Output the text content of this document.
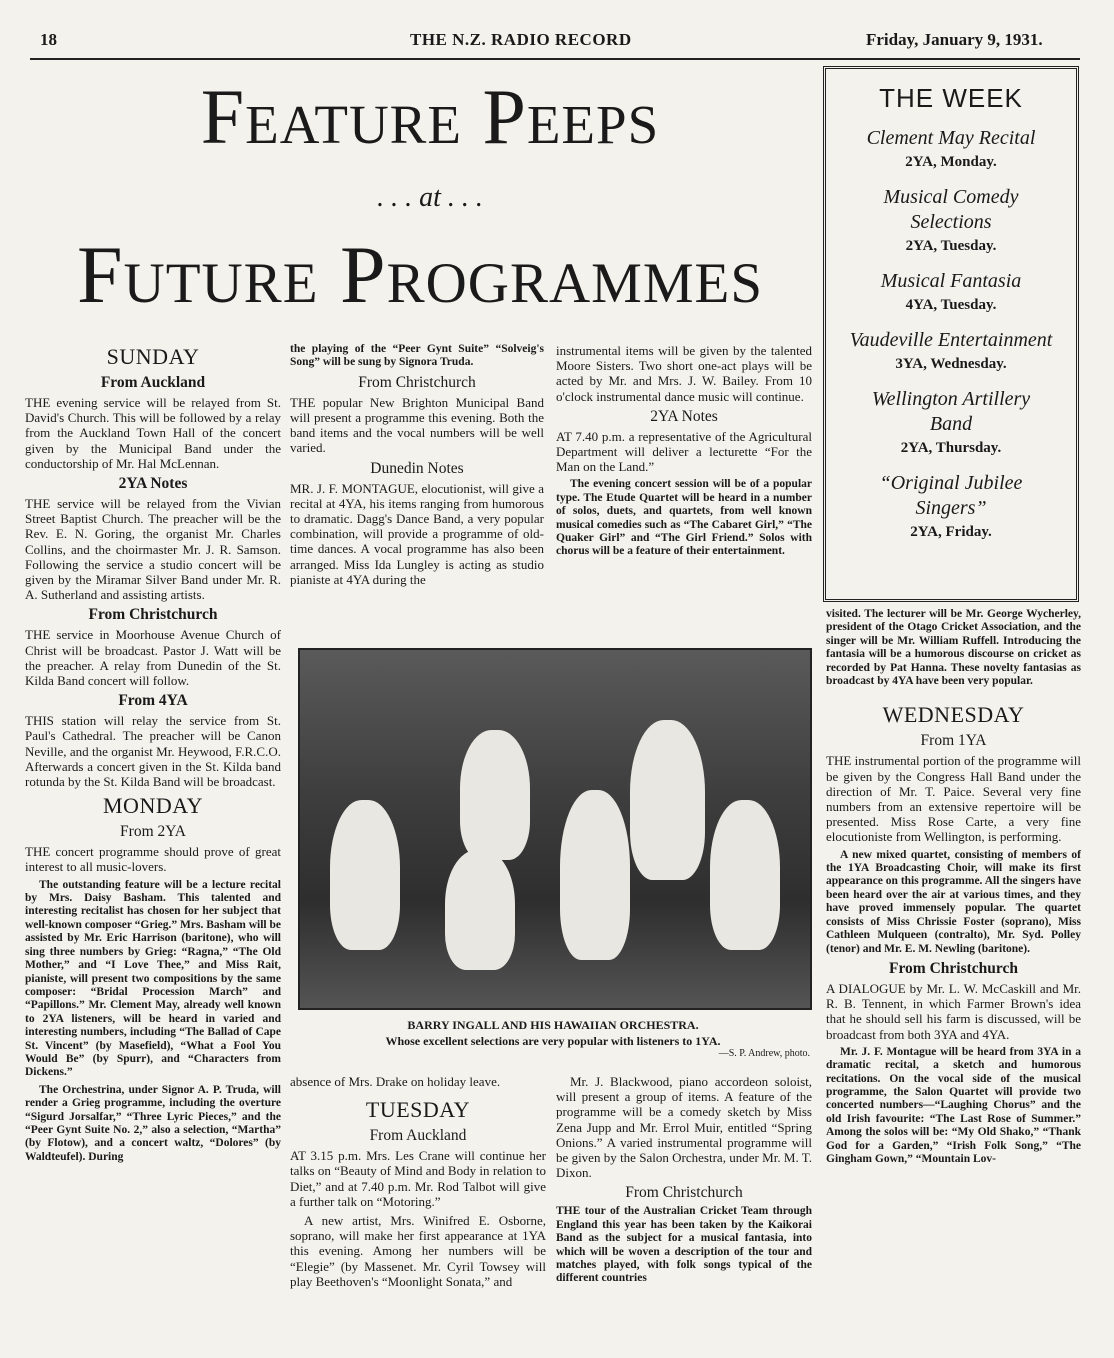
18	THE N.Z. RADIO RECORD	Friday, January 9, 1931.
Feature Peeps
. . . at . . .
Future Programmes
THE WEEK
Clement May Recital
2YA, Monday.
Musical Comedy Selections
2YA, Tuesday.
Musical Fantasia
4YA, Tuesday.
Vaudeville Entertainment
3YA, Wednesday.
Wellington Artillery Band
2YA, Thursday.
“Original Jubilee Singers”
2YA, Friday.
SUNDAY
From Auckland

THE evening service will be relayed from St. David's Church. This will be followed by a relay from the Auckland Town Hall of the concert given by the Municipal Band under the conductorship of Mr. Hal McLennan.

2YA Notes

THE service will be relayed from the Vivian Street Baptist Church. The preacher will be the Rev. E. N. Goring, the organist Mr. Charles Collins, and the choirmaster Mr. J. R. Samson. Following the service a studio concert will be given by the Miramar Silver Band under Mr. R. A. Sutherland and assisting artists.

From Christchurch

THE service in Moorhouse Avenue Church of Christ will be broadcast. Pastor J. Watt will be the preacher. A relay from Dunedin of the St. Kilda Band concert will follow.

From 4YA

THIS station will relay the service from St. Paul's Cathedral. The preacher will be Canon Neville, and the organist Mr. Heywood, F.R.C.O. Afterwards a concert given in the St. Kilda band rotunda by the St. Kilda Band will be broadcast.

MONDAY
From 2YA

THE concert programme should prove of great interest to all music-lovers.

The outstanding feature will be a lecture recital by Mrs. Daisy Basham. This talented and interesting recitalist has chosen for her subject that well-known composer “Grieg.” Mrs. Basham will be assisted by Mr. Eric Harrison (baritone), who will sing three numbers by Grieg: “Ragna,” “The Old Mother,” and “I Love Thee,” and Miss Rait, pianiste, will present two compositions by the same composer: “Bridal Procession March” and “Papillons.” Mr. Clement May, already well known to 2YA listeners, will be heard in varied and interesting numbers, including “The Ballad of Cape St. Vincent” (by Masefield), “What a Fool You Would Be” (by Spurr), and “Characters from Dickens.”

The Orchestrina, under Signor A. P. Truda, will render a Grieg programme, including the overture “Sigurd Jorsalfar,” “Three Lyric Pieces,” and the “Peer Gynt Suite No. 2,” also a selection, “Martha” (by Flotow), and a concert waltz, “Dolores” (by Waldteufel). During

the playing of the “Peer Gynt Suite” “Solveig's Song” will be sung by Signora Truda.

From Christchurch

THE popular New Brighton Municipal Band will present a programme this evening. Both the band items and the vocal numbers will be well varied.

Dunedin Notes

MR. J. F. MONTAGUE, elocutionist, will give a recital at 4YA, his items ranging from humorous to dramatic. Dagg's Dance Band, a very popular combination, will provide a programme of old-time dances. A vocal programme has also been arranged. Miss Ida Lungley is acting as studio pianiste at 4YA during the

instrumental items will be given by the talented Moore Sisters. Two short one-act plays will be acted by Mr. and Mrs. J. W. Bailey. From 10 o'clock instrumental dance music will continue.

2YA Notes

AT 7.40 p.m. a representative of the Agricultural Department will deliver a lecturette “For the Man on the Land.”

The evening concert session will be of a popular type. The Etude Quartet will be heard in a number of solos, duets, and quartets, from well known musical comedies such as “The Cabaret Girl,” “The Quaker Girl” and “The Girl Friend.” Solos with chorus will be a feature of their entertainment.

BARRY INGALL AND HIS HAWAIIAN ORCHESTRA.
Whose excellent selections are very popular with listeners to 1YA.
—S. P. Andrew, photo.

visited. The lecturer will be Mr. George Wycherley, president of the Otago Cricket Association, and the singer will be Mr. William Ruffell. Introducing the fantasia will be a humorous discourse on cricket as recorded by Pat Hanna. These novelty fantasias as broadcast by 4YA have been very popular.

WEDNESDAY
From 1YA

THE instrumental portion of the programme will be given by the Congress Hall Band under the direction of Mr. T. Paice. Several very fine numbers from an extensive repertoire will be presented. Miss Rose Carte, a very fine elocutioniste from Wellington, is performing.

A new mixed quartet, consisting of members of the 1YA Broadcasting Choir, will make its first appearance on this programme. All the singers have been heard over the air at various times, and they have proved immensely popular. The quartet consists of Miss Chrissie Foster (soprano), Miss Cathleen Mulqueen (contralto), Mr. Syd. Polley (tenor) and Mr. E. M. Newling (baritone).

From Christchurch

A DIALOGUE by Mr. L. W. McCaskill and Mr. R. B. Tennent, in which Farmer Brown's idea that he should sell his farm is discussed, will be broadcast from both 3YA and 4YA.

Mr. J. F. Montague will be heard from 3YA in a dramatic recital, a sketch and humorous recitations. On the vocal side of the musical programme, the Salon Quartet will provide two concerted numbers—“Laughing Chorus” and the old Irish favourite: “The Last Rose of Summer.” Among the solos will be: “My Old Shako,” “Thank God for a Garden,” “Irish Folk Song,” “The Gingham Gown,” “Mountain Lov-

absence of Mrs. Drake on holiday leave.

TUESDAY
From Auckland

AT 3.15 p.m. Mrs. Les Crane will continue her talks on “Beauty of Mind and Body in relation to Diet,” and at 7.40 p.m. Mr. Rod Talbot will give a further talk on “Motoring.”

A new artist, Mrs. Winifred E. Osborne, soprano, will make her first appearance at 1YA this evening. Among her numbers will be “Elegie” (by Massenet. Mr. Cyril Towsey will play Beethoven's “Moonlight Sonata,” and

Mr. J. Blackwood, piano accordeon soloist, will present a group of items. A feature of the programme will be a comedy sketch by Miss Zena Jupp and Mr. Errol Muir, entitled “Spring Onions.” A varied instrumental programme will be given by the Salon Orchestra, under Mr. M. T. Dixon.

From Christchurch

THE tour of the Australian Cricket Team through England this year has been taken by the Kaikorai Band as the subject for a musical fantasia, into which will be woven a description of the tour and matches played, with folk songs typical of the different countries
